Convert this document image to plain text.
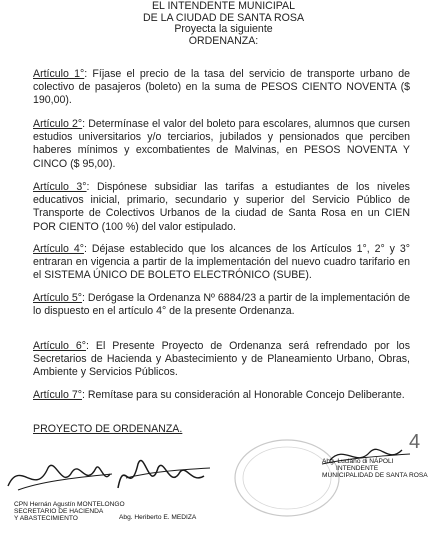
EL INTENDENTE MUNICIPAL
DE LA CIUDAD DE SANTA ROSA
Proyecta la siguiente
ORDENANZA:
Artículo 1°: Fíjase el precio de la tasa del servicio de transporte urbano de colectivo de pasajeros (boleto) en la suma de PESOS CIENTO NOVENTA ($ 190,00).
Artículo 2°: Determínase el valor del boleto para escolares, alumnos que cursen estudios universitarios y/o terciarios, jubilados y pensionados que perciben haberes mínimos y excombatientes de Malvinas, en PESOS NOVENTA Y CINCO ($ 95,00).
Artículo 3°: Dispónese subsidiar las tarifas a estudiantes de los niveles educativos inicial, primario, secundario y superior del Servicio Público de Transporte de Colectivos Urbanos de la ciudad de Santa Rosa en un CIEN POR CIENTO (100 %) del valor estipulado.
Artículo 4°: Déjase establecido que los alcances de los Artículos 1°, 2° y 3° entraran en vigencia a partir de la implementación del nuevo cuadro tarifario en el SISTEMA ÚNICO DE BOLETO ELECTRÓNICO (SUBE).
Artículo 5°: Derógase la Ordenanza Nº 6884/23 a partir de la implementación de lo dispuesto en el artículo 4° de la presente Ordenanza.
Artículo 6°: El Presente Proyecto de Ordenanza será refrendado por los Secretarios de Hacienda y Abastecimiento y de Planeamiento Urbano, Obras, Ambiente y Servicios Públicos.
Artículo 7°: Remítase para su consideración al Honorable Concejo Deliberante.
PROYECTO DE ORDENANZA.
4
CPN Hernán Agustín MONTELONGO
SECRETARIO DE HACIENDA
Y ABASTECIMIENTO	Abg. Heriberto E. MEDIZA
Abg. Luciano di NÁPOLI
INTENDENTE
MUNICIPALIDAD DE SANTA ROSA
